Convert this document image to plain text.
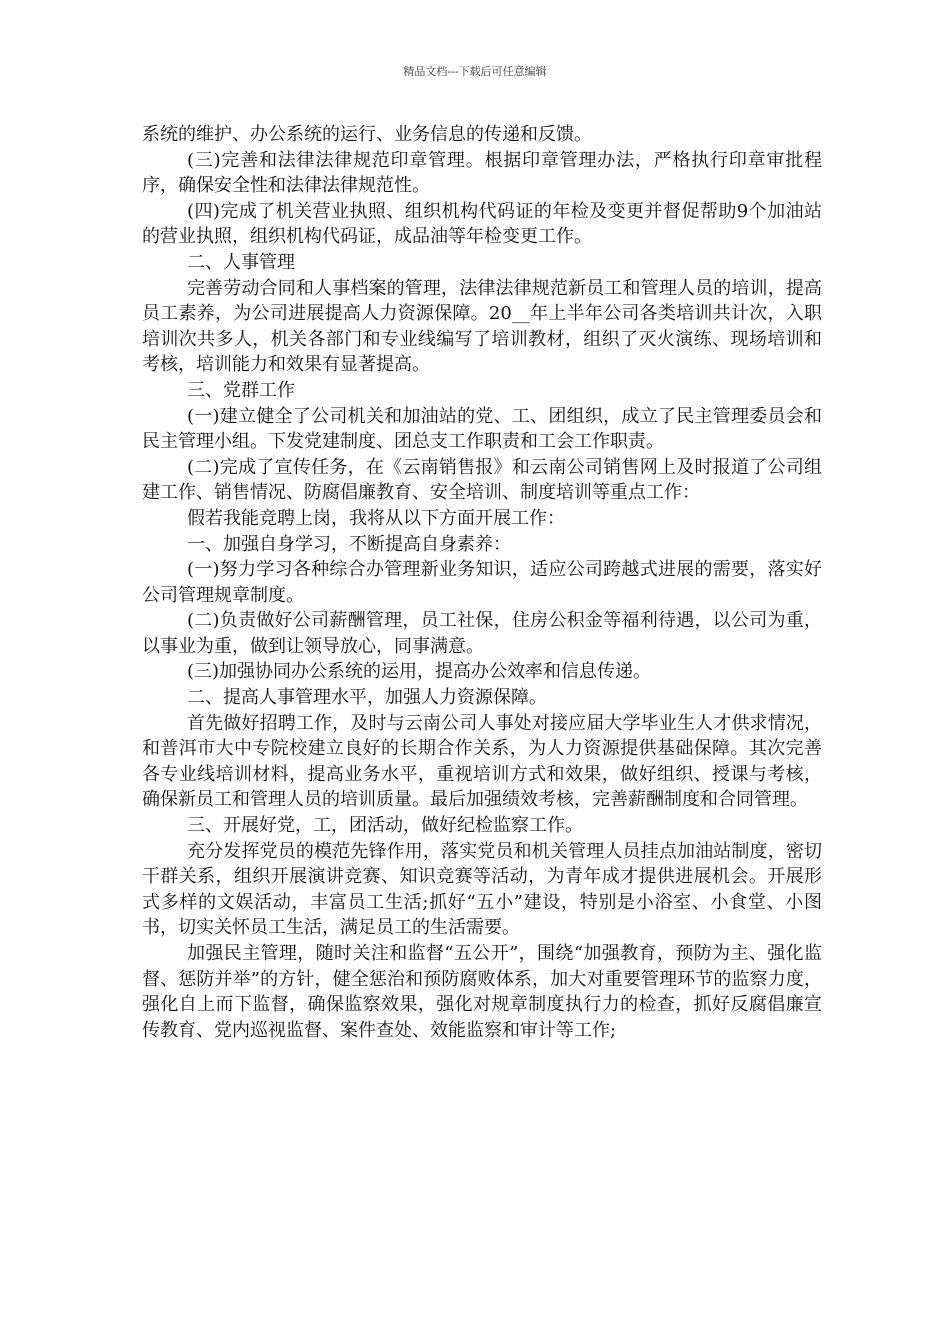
精品文档---下载后可任意编辑

系统的维护、办公系统的运行、业务信息的传递和反馈。

(三)完善和法律法律规范印章管理。根据印章管理办法，严格执行印章审批程序，确保安全性和法律法律规范性。

(四)完成了机关营业执照、组织机构代码证的年检及变更并督促帮助9个加油站的营业执照，组织机构代码证，成品油等年检变更工作。

二、人事管理

完善劳动合同和人事档案的管理，法律法律规范新员工和管理人员的培训，提高员工素养，为公司进展提高人力资源保障。20__年上半年公司各类培训共计次，入职培训次共多人，机关各部门和专业线编写了培训教材，组织了灭火演练、现场培训和考核，培训能力和效果有显著提高。

三、党群工作

(一)建立健全了公司机关和加油站的党、工、团组织，成立了民主管理委员会和民主管理小组。下发党建制度、团总支工作职责和工会工作职责。

(二)完成了宣传任务，在《云南销售报》和云南公司销售网上及时报道了公司组建工作、销售情况、防腐倡廉教育、安全培训、制度培训等重点工作：

假若我能竞聘上岗，我将从以下方面开展工作：

一、加强自身学习，不断提高自身素养：

(一)努力学习各种综合办管理新业务知识，适应公司跨越式进展的需要，落实好公司管理规章制度。

(二)负责做好公司薪酬管理，员工社保，住房公积金等福利待遇，以公司为重，以事业为重，做到让领导放心，同事满意。

(三)加强协同办公系统的运用，提高办公效率和信息传递。

二、提高人事管理水平，加强人力资源保障。

首先做好招聘工作，及时与云南公司人事处对接应届大学毕业生人才供求情况，和普洱市大中专院校建立良好的长期合作关系，为人力资源提供基础保障。其次完善各专业线培训材料，提高业务水平，重视培训方式和效果，做好组织、授课与考核，确保新员工和管理人员的培训质量。最后加强绩效考核，完善薪酬制度和合同管理。

三、开展好党，工，团活动，做好纪检监察工作。

充分发挥党员的模范先锋作用，落实党员和机关管理人员挂点加油站制度，密切干群关系，组织开展演讲竞赛、知识竞赛等活动，为青年成才提供进展机会。开展形式多样的文娱活动，丰富员工生活;抓好“五小”建设，特别是小浴室、小食堂、小图书，切实关怀员工生活，满足员工的生活需要。

加强民主管理，随时关注和监督“五公开”，围绕“加强教育，预防为主、强化监督、惩防并举”的方针，健全惩治和预防腐败体系，加大对重要管理环节的监察力度，强化自上而下监督，确保监察效果，强化对规章制度执行力的检查，抓好反腐倡廉宣传教育、党内巡视监督、案件查处、效能监察和审计等工作;
